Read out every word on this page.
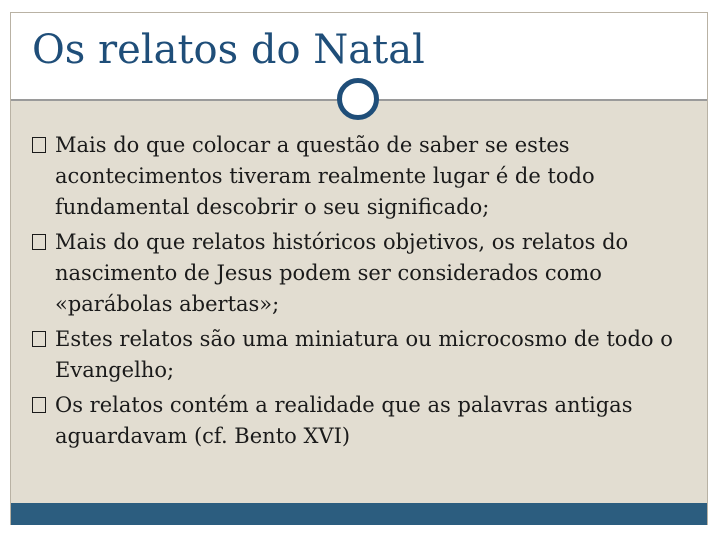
Os relatos do Natal
Mais do que colocar a questão de saber se estes acontecimentos tiveram realmente lugar é de todo fundamental descobrir o seu significado;
Mais do que relatos históricos objetivos, os relatos do nascimento de Jesus podem ser considerados como «parábolas abertas»;
Estes relatos são uma miniatura ou microcosmo de todo o Evangelho;
Os relatos contém a realidade que as palavras antigas aguardavam (cf. Bento XVI)
